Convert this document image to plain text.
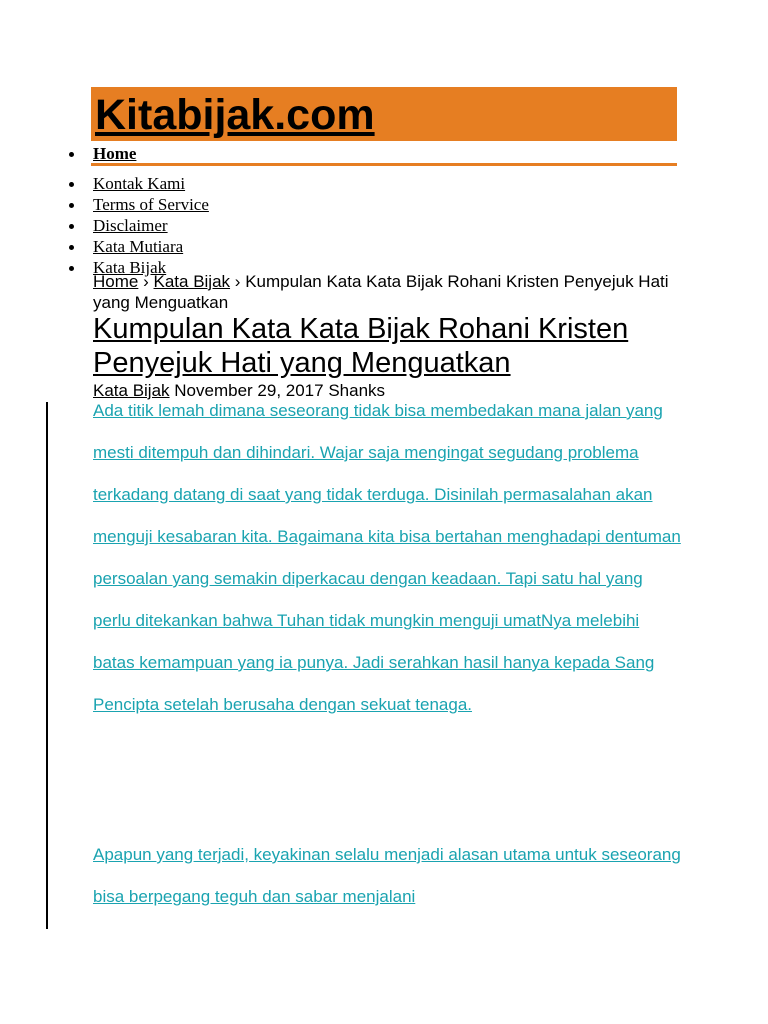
Kitabijak.com
Home
Kontak Kami
Terms of Service
Disclaimer
Kata Mutiara
Kata Bijak
Home › Kata Bijak › Kumpulan Kata Kata Bijak Rohani Kristen Penyejuk Hati yang Menguatkan
Kumpulan Kata Kata Bijak Rohani Kristen Penyejuk Hati yang Menguatkan
Kata Bijak November 29, 2017 Shanks

Ada titik lemah dimana seseorang tidak bisa membedakan mana jalan yang mesti ditempuh dan dihindari. Wajar saja mengingat segudang problema terkadang datang di saat yang tidak terduga. Disinilah permasalahan akan menguji kesabaran kita. Bagaimana kita bisa bertahan menghadapi dentuman persoalan yang semakin diperkacau dengan keadaan. Tapi satu hal yang perlu ditekankan bahwa Tuhan tidak mungkin menguji umatNya melebihi batas kemampuan yang ia punya. Jadi serahkan hasil hanya kepada Sang Pencipta setelah berusaha dengan sekuat tenaga.

Apapun yang terjadi, keyakinan selalu menjadi alasan utama untuk seseorang bisa berpegang teguh dan sabar menjalani
